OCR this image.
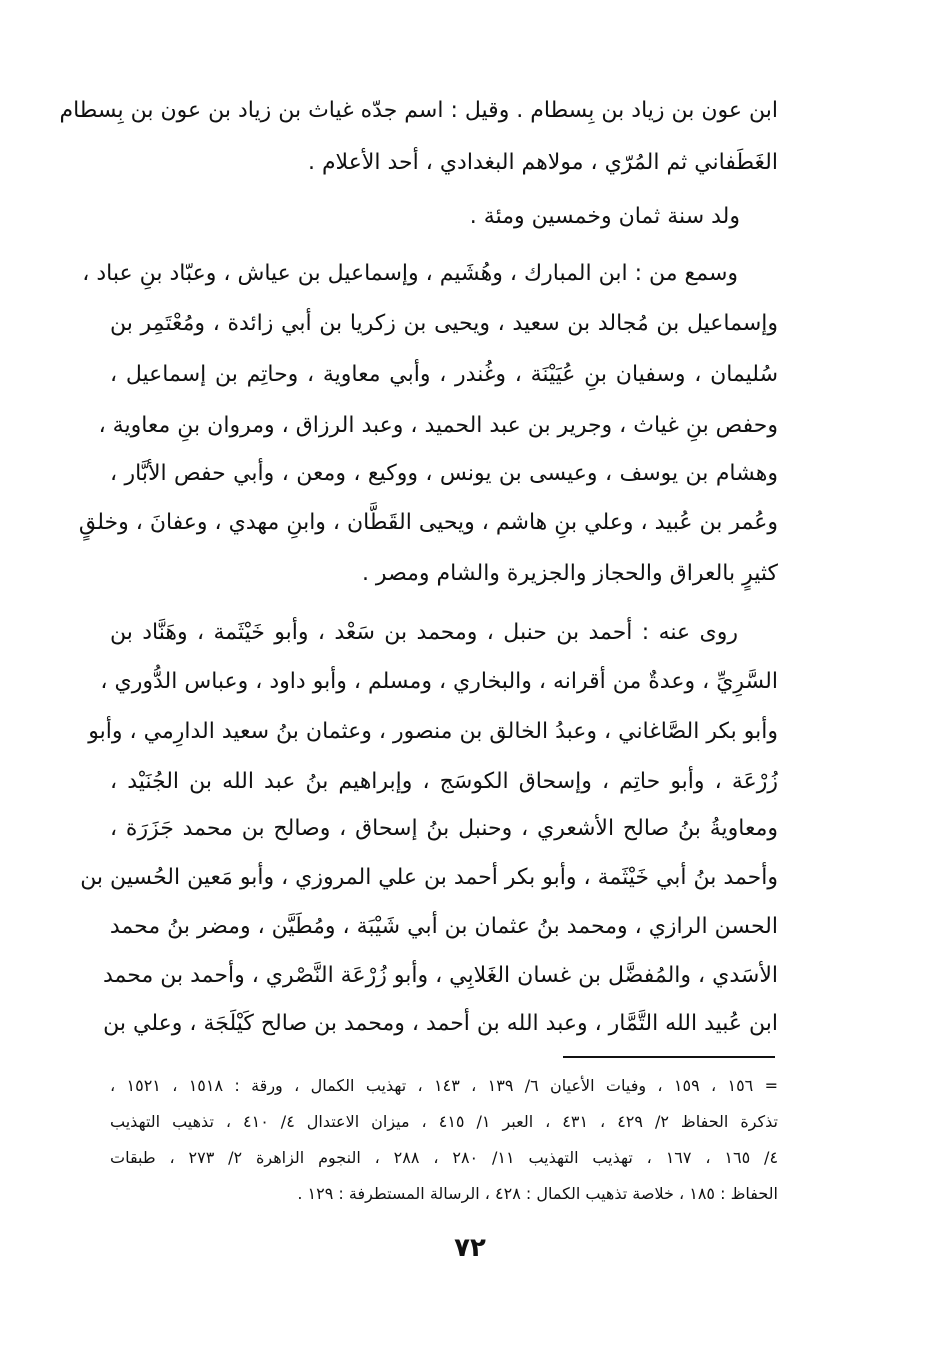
ابن عون بن زياد بن بِسطام . وقيل : اسم جدّه غياث بن زياد بن عون بن بِسطام
الغَطَفاني ثم المُرّي ، مولاهم البغدادي ، أحد الأعلام .
ولد سنة ثمان وخمسين ومئة .
وسمع من : ابن المبارك ، وهُشَيم ، وإسماعيل بن عياش ، وعبّاد بنِ عباد ،
وإسماعيل بن مُجالد بن سعيد ، ويحيى بن زكريا بن أبي زائدة ، ومُعْتَمِر بن
سُليمان ، وسفيان بنِ عُيَيْنَة ، وغُندر ، وأبي معاوية ، وحاتِم بن إسماعيل ،
وحفص بنِ غياث ، وجرير بن عبد الحميد ، وعبد الرزاق ، ومروان بنِ معاوية ،
وهشام بن يوسف ، وعيسى بن يونس ، ووكيع ، ومعن ، وأبي حفص الأبَّار ،
وعُمر بن عُبيد ، وعلي بنِ هاشم ، ويحيى القَطَّان ، وابنِ مهدي ، وعفانَ ، وخلقٍ
كثيرٍ بالعراق والحجاز والجزيرة والشام ومصر .
روى عنه : أحمد بن حنبل ، ومحمد بن سَعْد ، وأبو خَيْثَمة ، وهَنَّاد بن
السَّرِيِّ ، وعدةٌ من أقرانه ، والبخاري ، ومسلم ، وأبو داود ، وعباس الدُّوري ،
وأبو بكر الصَّاغاني ، وعبدُ الخالق بن منصور ، وعثمان بنُ سعيد الدارِمي ، وأبو
زُرْعَة ، وأبو حاتِم ، وإسحاق الكوسَج ، وإبراهيم بنُ عبد الله بن الجُنَيْد ،
ومعاويةُ بنُ صالح الأشعري ، وحنبل بنُ إسحاق ، وصالح بن محمد جَزَرَة ،
وأحمد بنُ أبي خَيْثَمة ، وأبو بكر أحمد بن علي المروزي ، وأبو مَعين الحُسين بن
الحسن الرازي ، ومحمد بنُ عثمان بن أبي شَيْبَة ، ومُطَيَّن ، ومضر بنُ محمد
الأسَدي ، والمُفضَّل بن غسان الغَلابِي ، وأبو زُرْعَة النَّصْري ، وأحمد بن محمد
ابن عُبيد الله التَّمَّار ، وعبد الله بن أحمد ، ومحمد بن صالح كَيْلَجَة ، وعلي بن
= ١٥٦ ، ١٥٩ ، وفيات الأعيان ٦/ ١٣٩ ، ١٤٣ ، تهذيب الكمال ، ورقة : ١٥١٨ ، ١٥٢١ ،
تذكرة الحفاظ ٢/ ٤٢٩ ، ٤٣١ ، العبر ١/ ٤١٥ ، ميزان الاعتدال ٤/ ٤١٠ ، تذهيب التهذيب
٤/ ١٦٥ ، ١٦٧ ، تهذيب التهذيب ١١/ ٢٨٠ ، ٢٨٨ ، النجوم الزاهرة ٢/ ٢٧٣ ، طبقات
الحفاظ : ١٨٥ ، خلاصة تذهيب الكمال : ٤٢٨ ، الرسالة المستطرفة : ١٢٩ .
٧٢
